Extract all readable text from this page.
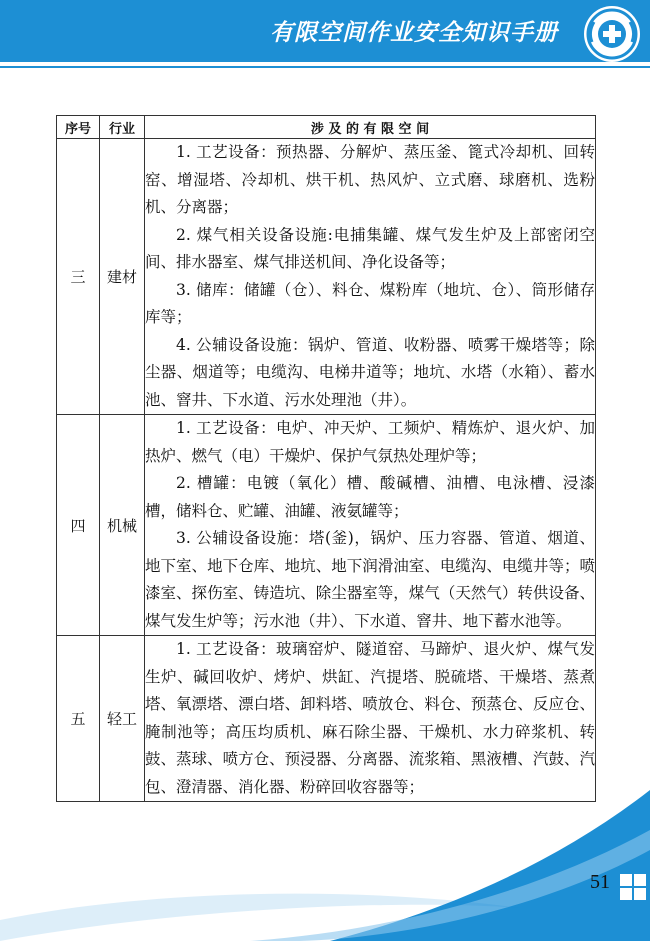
有限空间作业安全知识手册
序号	行业	涉 及 的 有 限 空 间
三	建材	1. 工艺设备：预热器、分解炉、蒸压釜、篦式冷却机、回转窑、增湿塔、冷却机、烘干机、热风炉、立式磨、球磨机、选粉机、分离器；

2. 煤气相关设备设施:电捕集罐、煤气发生炉及上部密闭空间、排水器室、煤气排送机间、净化设备等；

3. 储库：储罐（仓）、料仓、煤粉库（地坑、仓）、筒形储存库等；

4. 公辅设备设施：锅炉、管道、收粉器、喷雾干燥塔等；除尘器、烟道等；电缆沟、电梯井道等；地坑、水塔（水箱）、蓄水池、窨井、下水道、污水处理池（井）。

四	机械	1. 工艺设备：电炉、冲天炉、工频炉、精炼炉、退火炉、加热炉、燃气（电）干燥炉、保护气氛热处理炉等；

2. 槽罐：电镀（氧化）槽、酸碱槽、油槽、电泳槽、浸漆槽，储料仓、贮罐、油罐、液氨罐等；

3. 公辅设备设施：塔(釜)，锅炉、压力容器、管道、烟道、地下室、地下仓库、地坑、地下润滑油室、电缆沟、电缆井等；喷漆室、探伤室、铸造坑、除尘器室等，煤气（天然气）转供设备、煤气发生炉等；污水池（井）、下水道、窨井、地下蓄水池等。

五	轻工	1. 工艺设备：玻璃窑炉、隧道窑、马蹄炉、退火炉、煤气发生炉、碱回收炉、烤炉、烘缸、汽提塔、脱硫塔、干燥塔、蒸煮塔、氧漂塔、漂白塔、卸料塔、喷放仓、料仓、预蒸仓、反应仓、腌制池等；高压均质机、麻石除尘器、干燥机、水力碎浆机、转鼓、蒸球、喷方仓、预浸器、分离器、流浆箱、黑液槽、汽鼓、汽包、澄清器、消化器、粉碎回收容器等；

51
